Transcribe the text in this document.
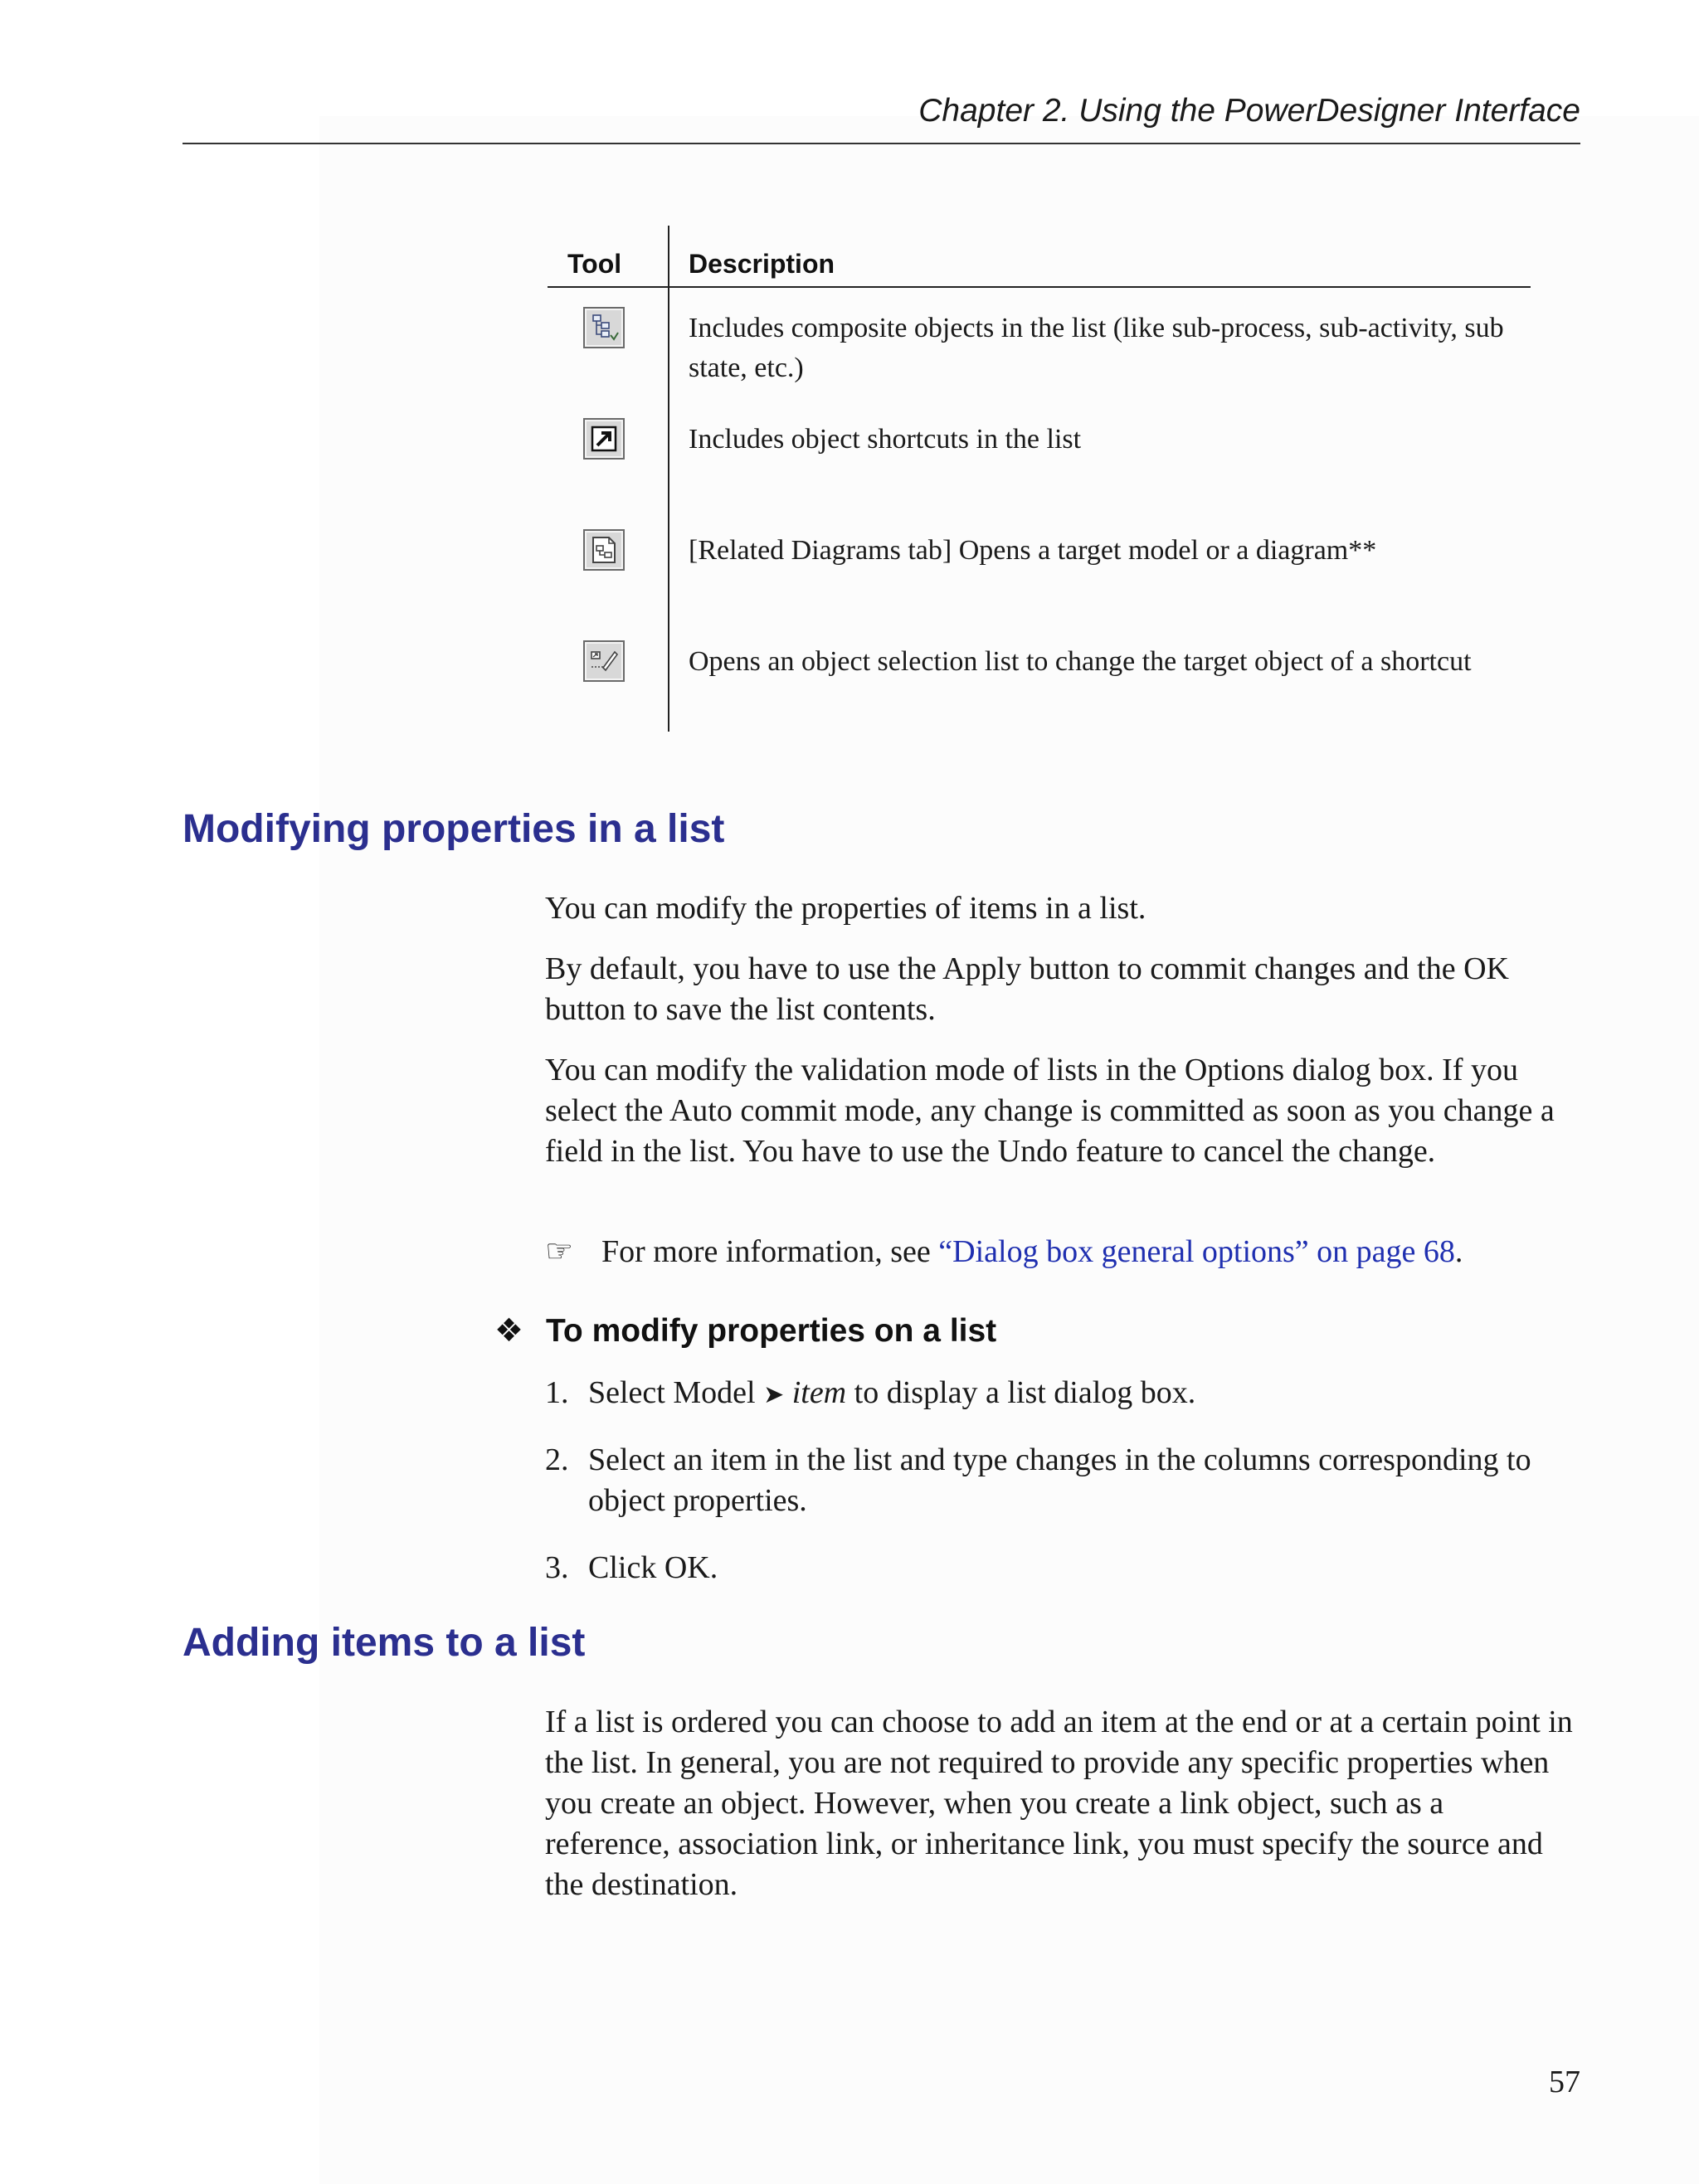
Chapter 2. Using the PowerDesigner Interface
Tool	Description
Includes composite objects in the list (like sub-process, sub-activity, sub state, etc.)
Includes object shortcuts in the list
[Related Diagrams tab] Opens a target model or a diagram**
Opens an object selection list to change the target object of a shortcut
Modifying properties in a list
You can modify the properties of items in a list.
By default, you have to use the Apply button to commit changes and the OK button to save the list contents.
You can modify the validation mode of lists in the Options dialog box. If you select the Auto commit mode, any change is committed as soon as you change a field in the list. You have to use the Undo feature to cancel the change.
☞ For more information, see “Dialog box general options” on page 68.
❖ To modify properties on a list
1. Select Model ➤ item to display a list dialog box.
2. Select an item in the list and type changes in the columns corresponding to object properties.
3. Click OK.
Adding items to a list
If a list is ordered you can choose to add an item at the end or at a certain point in the list. In general, you are not required to provide any specific properties when you create an object. However, when you create a link object, such as a reference, association link, or inheritance link, you must specify the source and the destination.
57
